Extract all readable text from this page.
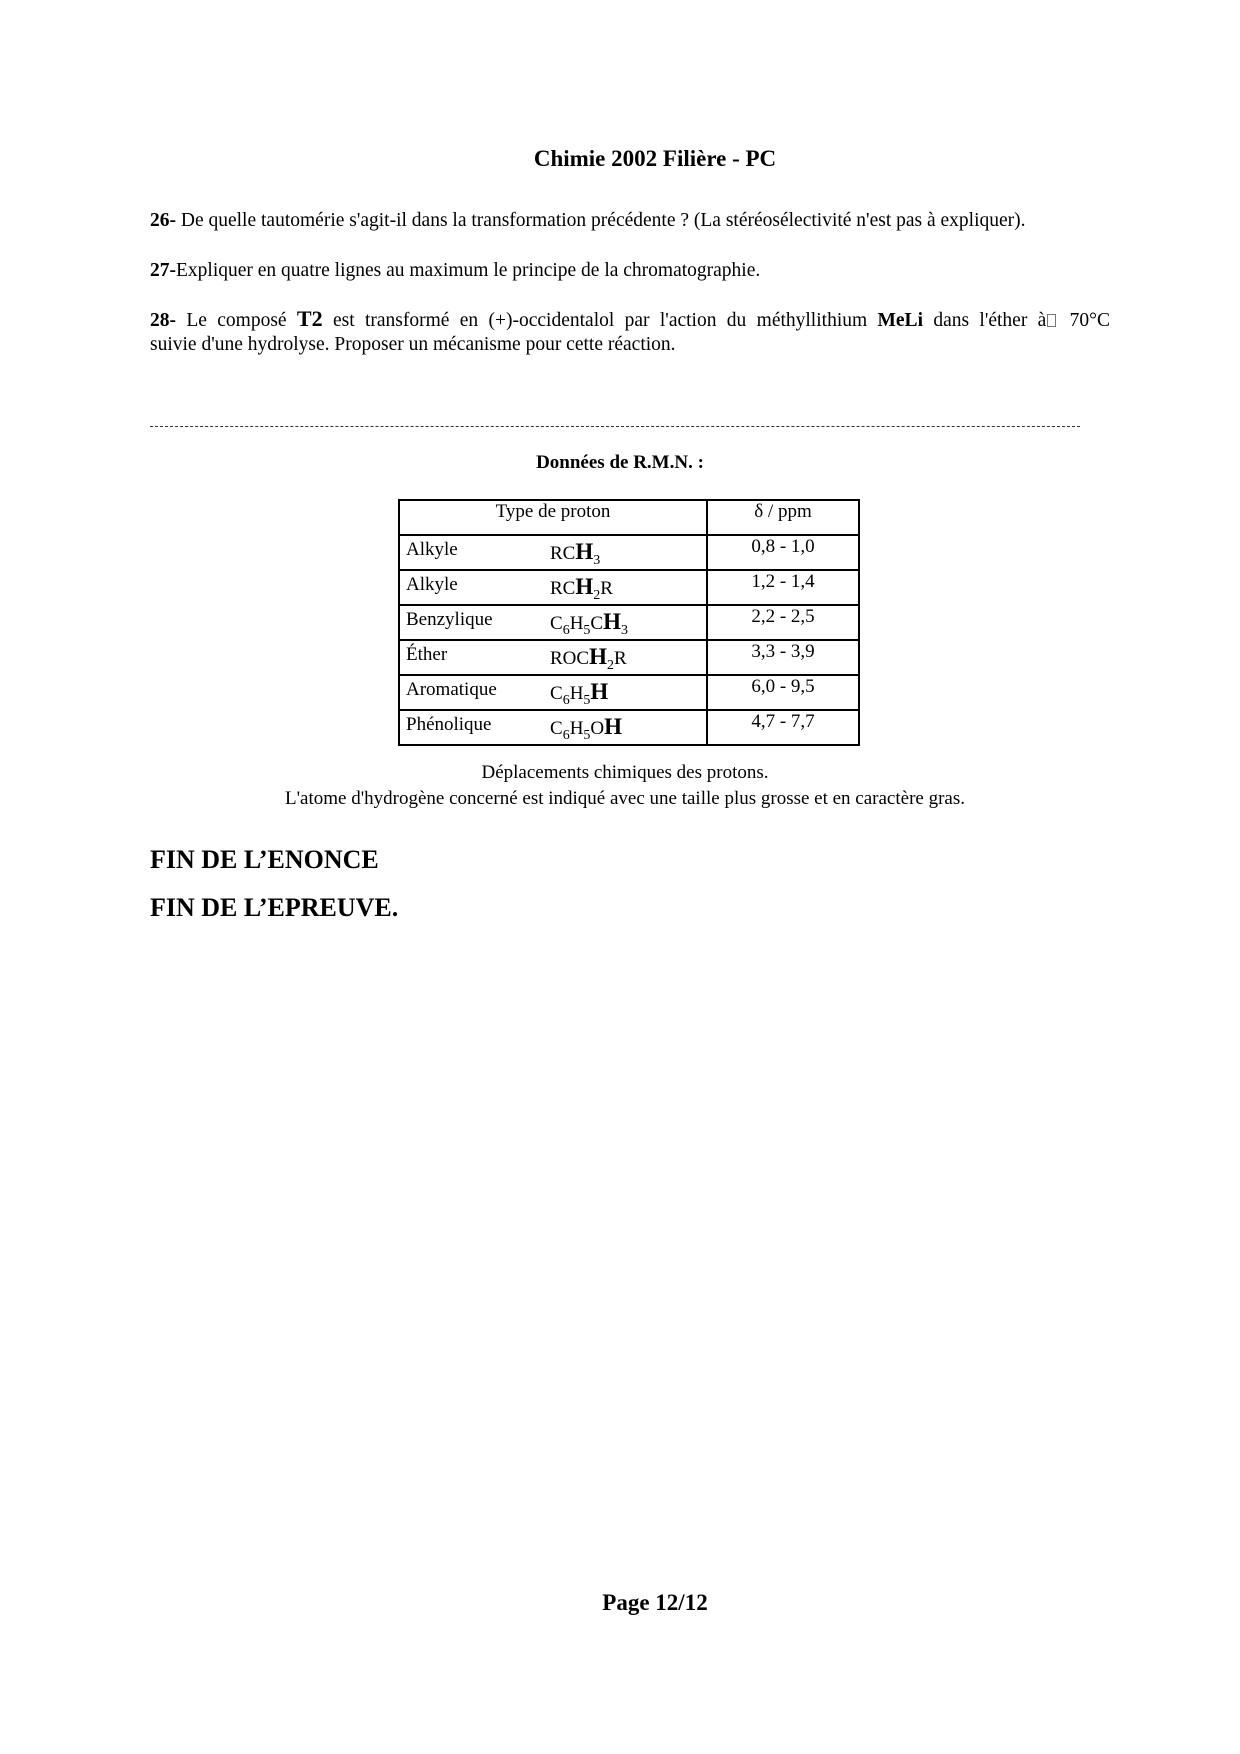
Chimie 2002 Filière - PC
26- De quelle tautomérie s'agit-il dans la transformation précédente ? (La stéréosélectivité n'est pas à expliquer).
27-Expliquer en quatre lignes au maximum le principe de la chromatographie.
28- Le composé T2 est transformé en (+)-occidentalol par l'action du méthyllithium MeLi dans l'éther à 70°C
suivie d'une hydrolyse. Proposer un mécanisme pour cette réaction.
Données de R.M.N. :
Type de proton	δ / ppm

Alkyle $RCH_3$	0,8 - 1,0

Alkyle $RCH_2R$	1,2 - 1,4

Benzylique $C_6H_5CH_3$	2,2 - 2,5

Éther $ROCH_2R$	3,3 - 3,9

Aromatique $C_6H_5H$	6,0 - 9,5

Phénolique $C_6H_5OH$	4,7 - 7,7
Déplacements chimiques des protons.
L'atome d'hydrogène concerné est indiqué avec une taille plus grosse et en caractère gras.
FIN DE L’ENONCE
FIN DE L’EPREUVE.
Page 12/12
